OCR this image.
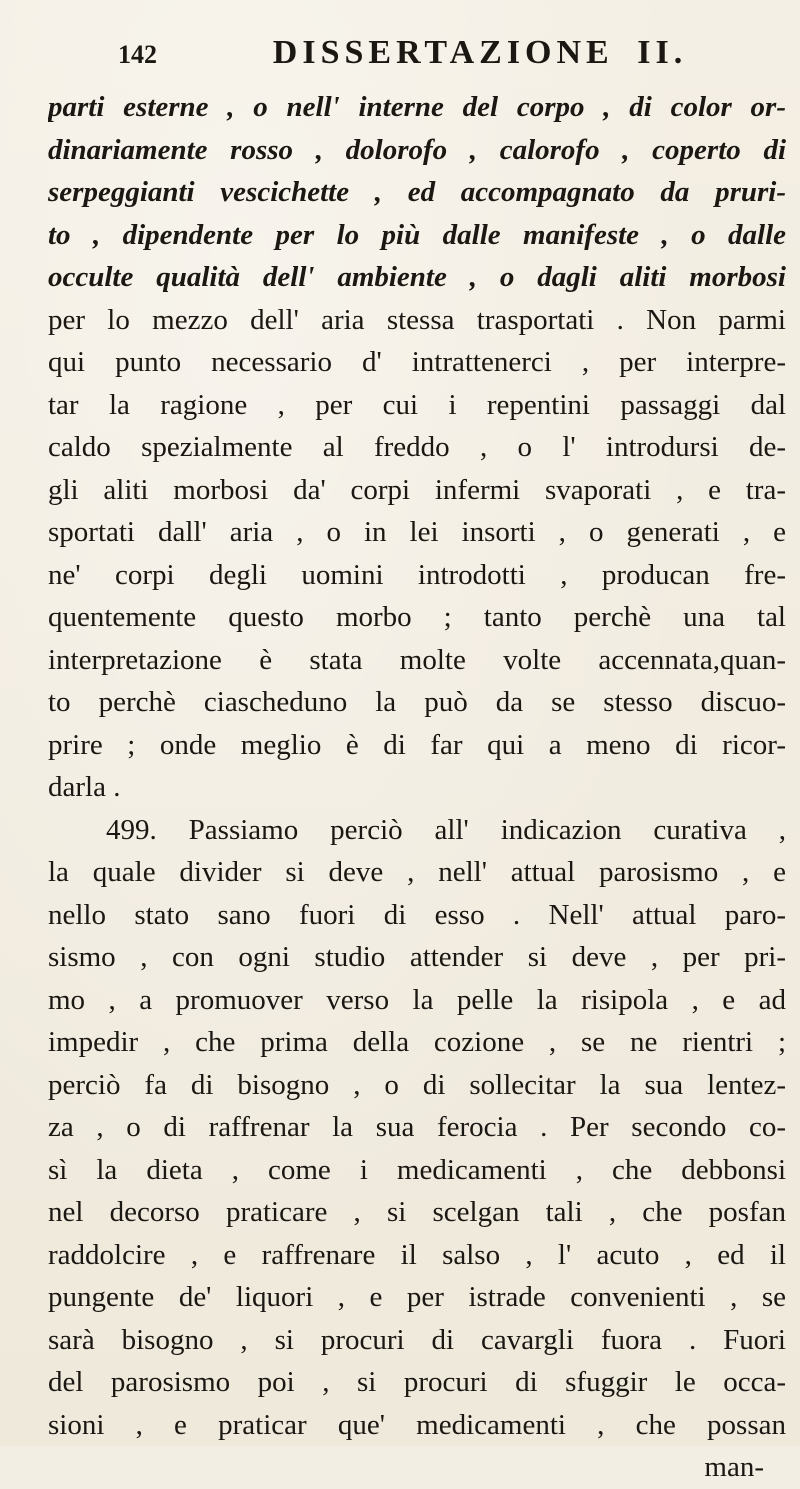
142	DISSERTAZIONE II.
parti esterne , o nell' interne del corpo , di color or-
dinariamente rosso , dolorofo , calorofo , coperto di
serpeggianti vescichette , ed accompagnato da pruri-
to , dipendente per lo più dalle manifeste , o dalle
occulte qualità dell' ambiente , o dagli aliti morbosi
per lo mezzo dell' aria stessa trasportati . Non parmi
qui punto necessario d' intrattenerci , per interpre-
tar la ragione , per cui i repentini passaggi dal
caldo spezialmente al freddo , o l' introdursi de-
gli aliti morbosi da' corpi infermi svaporati , e tra-
sportati dall' aria , o in lei insorti , o generati , e
ne' corpi degli uomini introdotti , producan fre-
quentemente questo morbo ; tanto perchè una tal
interpretazione è stata molte volte accennata,quan-
to perchè ciascheduno la può da se stesso discuo-
prire ; onde meglio è di far qui a meno di ricor-
darla .
499. Passiamo perciò all' indicazion curativa ,
la quale divider si deve , nell' attual parosismo , e
nello stato sano fuori di esso . Nell' attual paro-
sismo , con ogni studio attender si deve , per pri-
mo , a promuover verso la pelle la risipola , e ad
impedir , che prima della cozione , se ne rientri ;
perciò fa di bisogno , o di sollecitar la sua lentez-
za , o di raffrenar la sua ferocia . Per secondo co-
sì la dieta , come i medicamenti , che debbonsi
nel decorso praticare , si scelgan tali , che posfan
raddolcire , e raffrenare il salso , l' acuto , ed il
pungente de' liquori , e per istrade convenienti , se
sarà bisogno , si procuri di cavargli fuora . Fuori
del parosismo poi , si procuri di sfuggir le occa-
sioni , e praticar que' medicamenti , che possan
man-
